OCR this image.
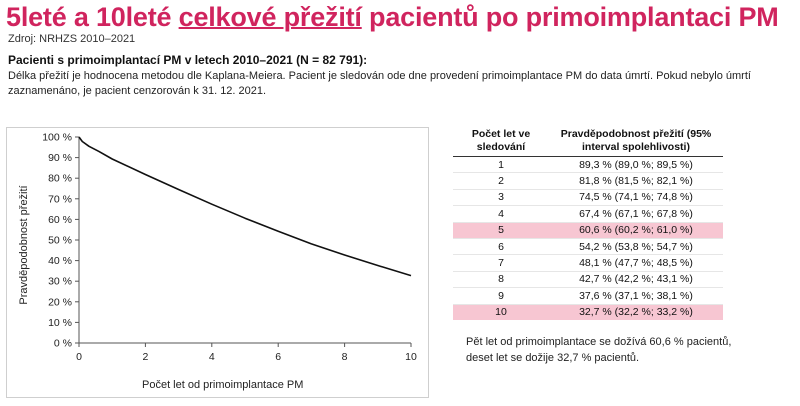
5leté a 10leté celkové přežití pacientů po primoimplantaci PM
Zdroj: NRHZS 2010–2021
Pacienti s primoimplantací PM v letech 2010–2021 (N = 82 791):
Délka přežití je hodnocena metodou dle Kaplana-Meiera. Pacient je sledován ode dne provedení primoimplantace PM do data úmrtí. Pokud nebylo úmrtí zaznamenáno, je pacient cenzorován k 31. 12. 2021.
0 %
10 %
20 %
30 %
40 %
50 %
60 %
70 %
80 %
90 %
100 %
0	2	4	6	8	10
Pravděpodobnost přežití
Počet let od primoimplantace PM
Počet let ve sledování	Pravděpodobnost přežití (95% interval spolehlivosti)
1	89,3 % (89,0 %; 89,5 %)
2	81,8 % (81,5 %; 82,1 %)
3	74,5 % (74,1 %; 74,8 %)
4	67,4 % (67,1 %; 67,8 %)
5	60,6 % (60,2 %; 61,0 %)
6	54,2 % (53,8 %; 54,7 %)
7	48,1 % (47,7 %; 48,5 %)
8	42,7 % (42,2 %; 43,1 %)
9	37,6 % (37,1 %; 38,1 %)
10	32,7 % (32,2 %; 33,2 %)
Pět let od primoimplantace se dožívá 60,6 % pacientů,
deset let se dožije 32,7 % pacientů.
